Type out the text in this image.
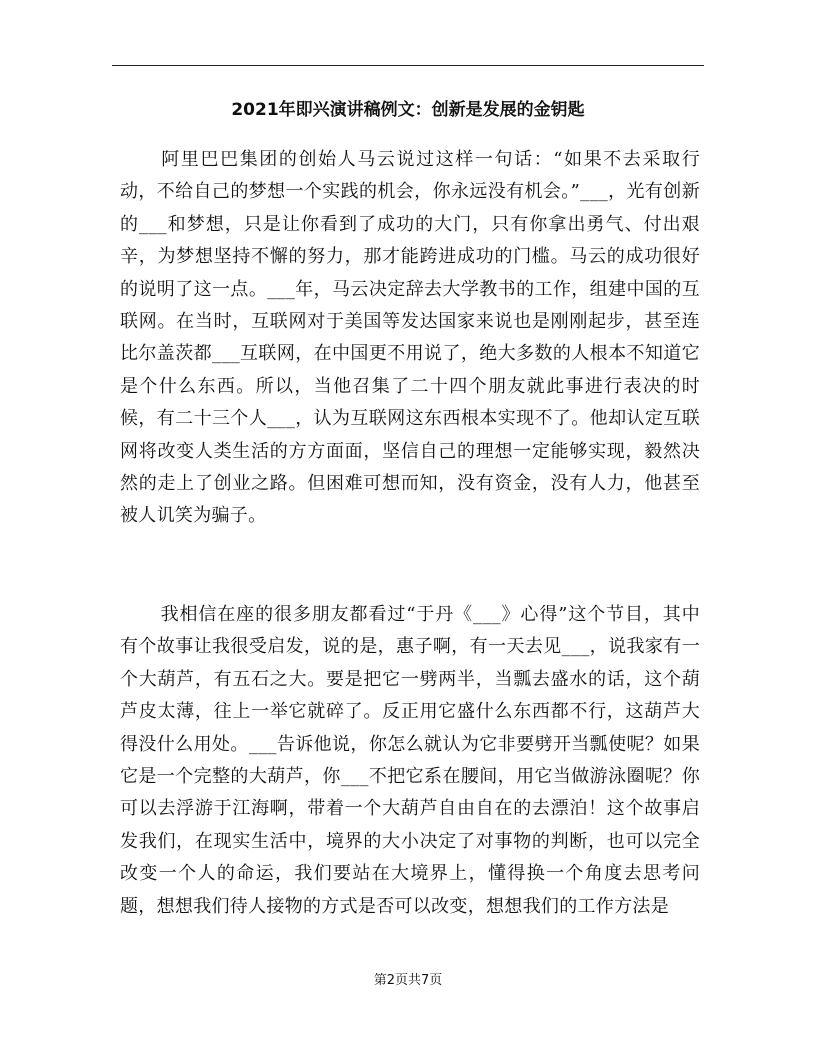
2021年即兴演讲稿例文：创新是发展的金钥匙

阿里巴巴集团的创始人马云说过这样一句话：“如果不去采取行动，不给自己的梦想一个实践的机会，你永远没有机会。”___，光有创新的___和梦想，只是让你看到了成功的大门，只有你拿出勇气、付出艰辛，为梦想坚持不懈的努力，那才能跨进成功的门槛。马云的成功很好的说明了这一点。___年，马云决定辞去大学教书的工作，组建中国的互联网。在当时，互联网对于美国等发达国家来说也是刚刚起步，甚至连比尔盖茨都___互联网，在中国更不用说了，绝大多数的人根本不知道它是个什么东西。所以，当他召集了二十四个朋友就此事进行表决的时候，有二十三个人___，认为互联网这东西根本实现不了。他却认定互联网将改变人类生活的方方面面，坚信自己的理想一定能够实现，毅然决然的走上了创业之路。但困难可想而知，没有资金，没有人力，他甚至被人讥笑为骗子。

我相信在座的很多朋友都看过“于丹《___》心得”这个节目，其中有个故事让我很受启发，说的是，惠子啊，有一天去见___，说我家有一个大葫芦，有五石之大。要是把它一劈两半，当瓢去盛水的话，这个葫芦皮太薄，往上一举它就碎了。反正用它盛什么东西都不行，这葫芦大得没什么用处。___告诉他说，你怎么就认为它非要劈开当瓢使呢？如果它是一个完整的大葫芦，你___不把它系在腰间，用它当做游泳圈呢？你可以去浮游于江海啊，带着一个大葫芦自由自在的去漂泊！这个故事启发我们，在现实生活中，境界的大小决定了对事物的判断，也可以完全改变一个人的命运，我们要站在大境界上，懂得换一个角度去思考问题，想想我们待人接物的方式是否可以改变，想想我们的工作方法是

第2页共7页
